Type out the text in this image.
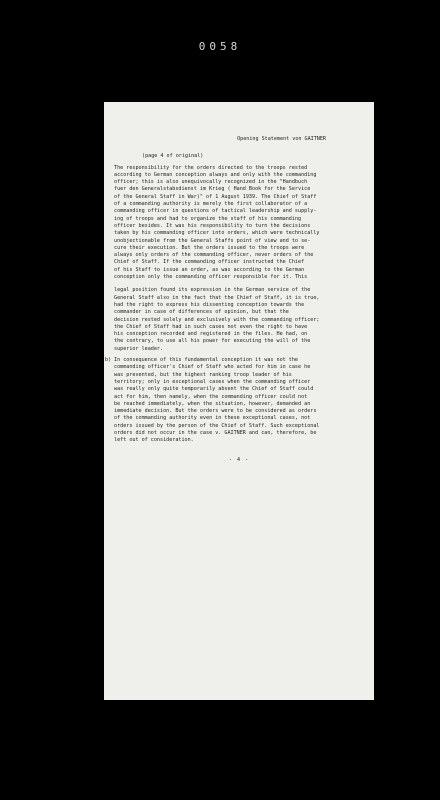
0058
Opening Statement von GAITNER
(page 4 of original)

The responsibility for the orders directed to the troops rested

according to German conception always and only with the commanding

officer; this is also unequivocally recognized in the "Handbuch

fuer den Generalstabsdienst im Krieg ( Hand Book for the Service

of the General Staff in War)" of 1 August 1939. The Chief of Staff

of a commanding authority is merely the first collaborator of a

commanding officer in questions of tactical leadership and supply-

ing of troops and had to organize the staff of his commanding

officer besides. It was his responsibility to turn the decisions

taken by his commanding officer into orders, which were technically

unobjectionable from the General Staffs point of view and to se-

cure their execution. But the orders issued to the troops were

always only orders of the commanding officer, never orders of the

Chief of Staff. If the commanding officer instructed the Chief

of his Staff to issue an order, as was according to the German

conception only the commanding officer responsible for it. This

legal position found its expression in the German service of the

General Staff also in the fact that the Chief of Staff, it is true,

had the right to express his dissenting conception towards the

commander in case of differences of opinion, but that the

decision rested solely and exclusively with the commanding officer;

the Chief of Staff had in such cases not even the right to have

his conception recorded and registered in the files. He had, on

the contrary, to use all his power for executing the will of the

superior leader.

b) In consequence of this fundamental conception it was not the

commanding officer's Chief of Staff who acted for him in case he

was prevented, but the highest ranking troop leader of his

territory; only in exceptional cases when the commanding officer

was really only quite temporarily absent the Chief of Staff could

act for him, then namely, when the commanding officer could not

be reached immediately, when the situation, however, demanded an

immediate decision. But the orders were to be considered as orders

of the commanding authority even in these exceptional cases, not

orders issued by the person of the Chief of Staff. Such exceptional

orders did not occur in the case v. GAITNER and can, therefore, be

left out of consideration.

- 4 -
